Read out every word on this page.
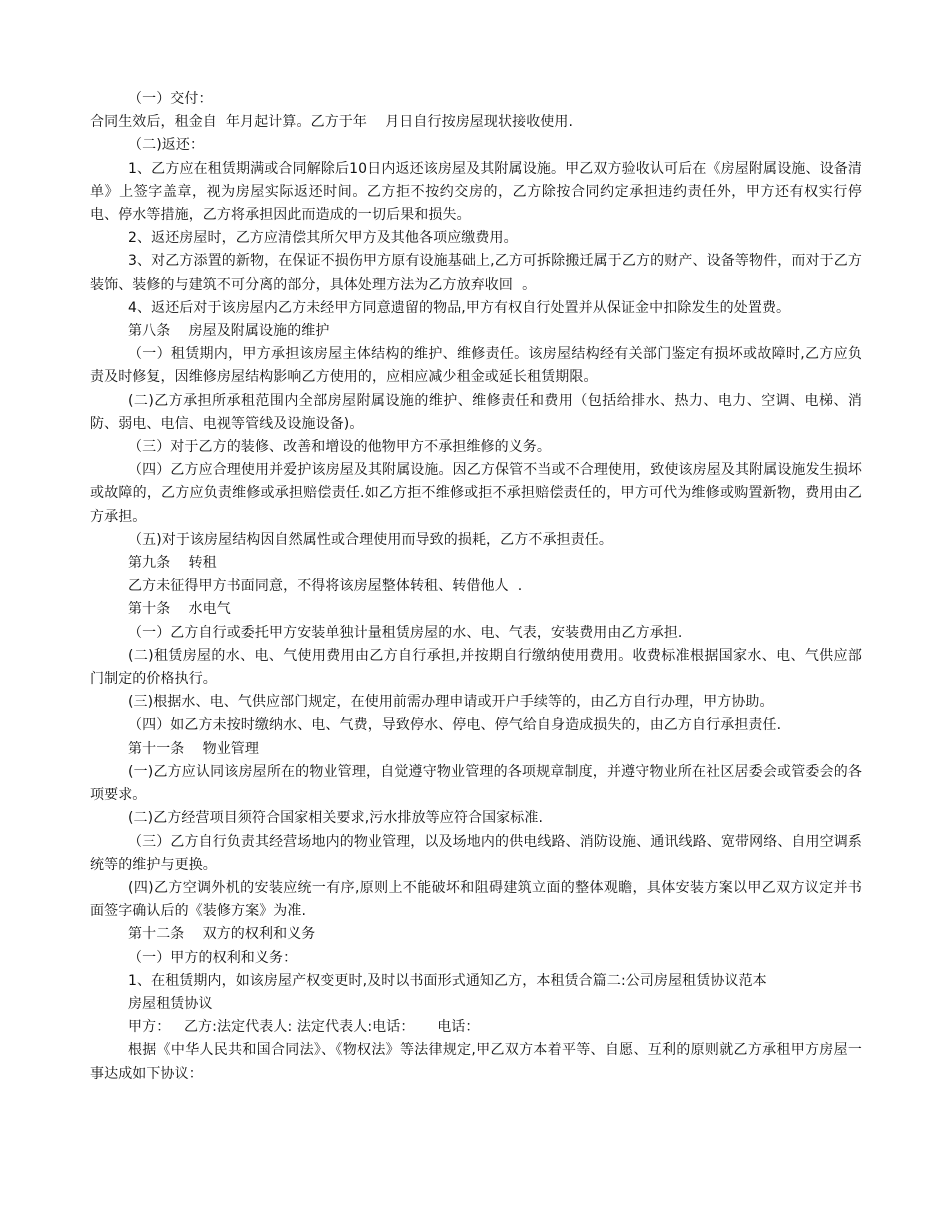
（一）交付：

合同生效后，租金自  年月起计算。乙方于年    月日自行按房屋现状接收使用.

（二)返还：

1、乙方应在租赁期满或合同解除后10日内返还该房屋及其附属设施。甲乙双方验收认可后在《房屋附属设施、设备清单》上签字盖章，视为房屋实际返还时间。乙方拒不按约交房的，乙方除按合同约定承担违约责任外，甲方还有权实行停电、停水等措施，乙方将承担因此而造成的一切后果和损失。

2、返还房屋时，乙方应清偿其所欠甲方及其他各项应缴费用。

3、对乙方添置的新物，在保证不损伤甲方原有设施基础上,乙方可拆除搬迁属于乙方的财产、设备等物件，而对于乙方装饰、装修的与建筑不可分离的部分，具体处理方法为乙方放弃收回  。

4、返还后对于该房屋内乙方未经甲方同意遗留的物品,甲方有权自行处置并从保证金中扣除发生的处置费。

第八条    房屋及附属设施的维护

（一）租赁期内，甲方承担该房屋主体结构的维护、维修责任。该房屋结构经有关部门鉴定有损坏或故障时,乙方应负责及时修复，因维修房屋结构影响乙方使用的，应相应减少租金或延长租赁期限。

(二)乙方承担所承租范围内全部房屋附属设施的维护、维修责任和费用（包括给排水、热力、电力、空调、电梯、消防、弱电、电信、电视等管线及设施设备)。

（三）对于乙方的装修、改善和增设的他物甲方不承担维修的义务。

（四）乙方应合理使用并爱护该房屋及其附属设施。因乙方保管不当或不合理使用，致使该房屋及其附属设施发生损坏或故障的，乙方应负责维修或承担赔偿责任.如乙方拒不维修或拒不承担赔偿责任的，甲方可代为维修或购置新物，费用由乙方承担。

（五)对于该房屋结构因自然属性或合理使用而导致的损耗，乙方不承担责任。

第九条    转租

乙方未征得甲方书面同意，不得将该房屋整体转租、转借他人  .

第十条    水电气

（一）乙方自行或委托甲方安装单独计量租赁房屋的水、电、气表，安装费用由乙方承担.

(二)租赁房屋的水、电、气使用费用由乙方自行承担,并按期自行缴纳使用费用。收费标准根据国家水、电、气供应部门制定的价格执行。

(三)根据水、电、气供应部门规定，在使用前需办理申请或开户手续等的，由乙方自行办理，甲方协助。

（四）如乙方未按时缴纳水、电、气费，导致停水、停电、停气给自身造成损失的，由乙方自行承担责任.

第十一条    物业管理

(一)乙方应认同该房屋所在的物业管理，自觉遵守物业管理的各项规章制度，并遵守物业所在社区居委会或管委会的各项要求。

(二)乙方经营项目须符合国家相关要求,污水排放等应符合国家标准.

（三）乙方自行负责其经营场地内的物业管理，以及场地内的供电线路、消防设施、通讯线路、宽带网络、自用空调系统等的维护与更换。

(四)乙方空调外机的安装应统一有序,原则上不能破坏和阻碍建筑立面的整体观瞻，具体安装方案以甲乙双方议定并书面签字确认后的《装修方案》为准.

第十二条    双方的权利和义务

（一）甲方的权利和义务：

1、在租赁期内，如该房屋产权变更时,及时以书面形式通知乙方，本租赁合篇二:公司房屋租赁协议范本

房屋租赁协议

甲方：   乙方:法定代表人: 法定代表人:电话：     电话：

根据《中华人民共和国合同法》、《物权法》等法律规定,甲乙双方本着平等、自愿、互利的原则就乙方承租甲方房屋一事达成如下协议：
